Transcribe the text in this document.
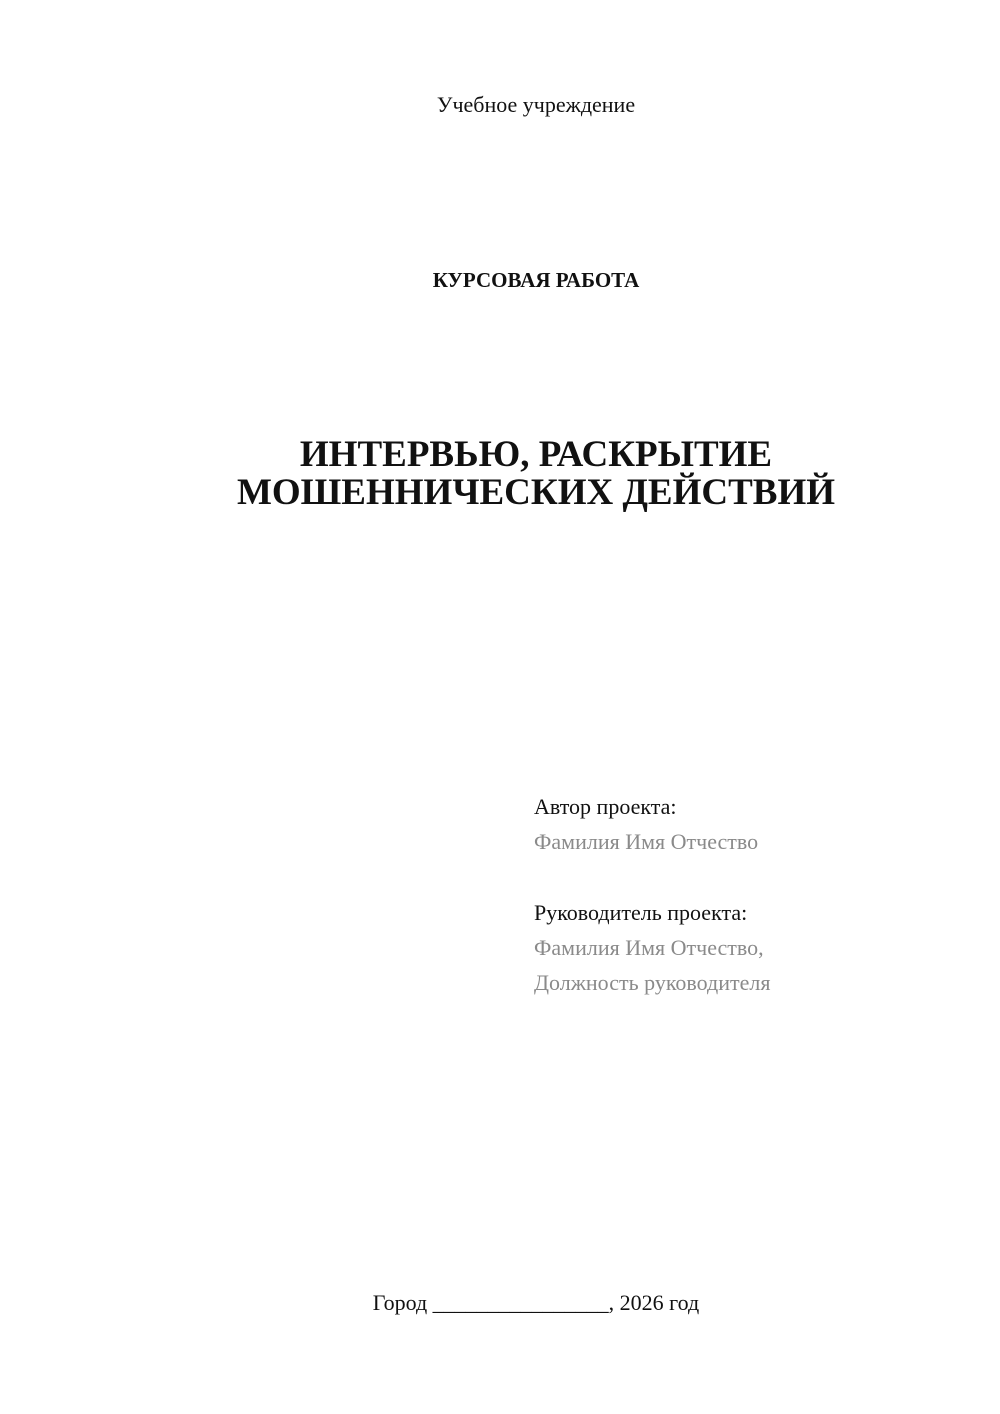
Учебное учреждение
КУРСОВАЯ РАБОТА
ИНТЕРВЬЮ, РАСКРЫТИЕ
МОШЕННИЧЕСКИХ ДЕЙСТВИЙ
Автор проекта:
Фамилия Имя Отчество
Руководитель проекта:
Фамилия Имя Отчество,
Должность руководителя
Город ________________, 2026 год
